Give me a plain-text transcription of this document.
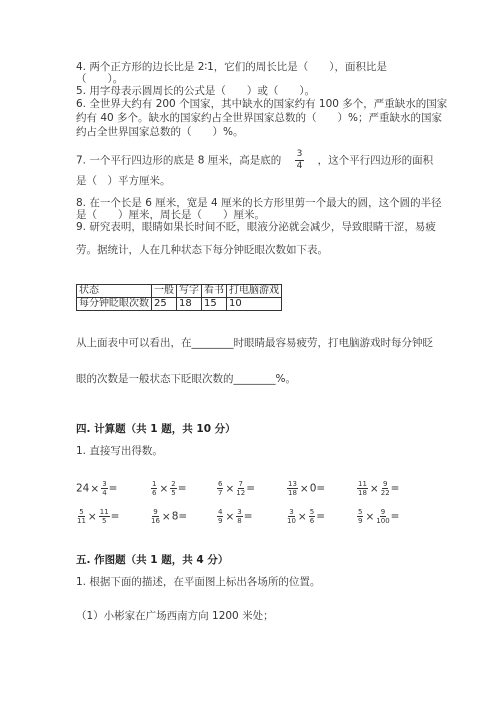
4. 两个正方形的边长比是 2∶1，它们的周长比是（　　），面积比是
（　　）。
5. 用字母表示圆周长的公式是（　　）或（　　）。
6. 全世界大约有 200 个国家，其中缺水的国家约有 100 多个，严重缺水的国家
约有 40 多个。缺水的国家约占全世界国家总数的（　　）%；严重缺水的国家
约占全世界国家总数的（　　）%。
7. 一个平行四边形的底是 8 厘米，高是底的 $\frac{3}{4}$ ，这个平行四边形的面积
是（　）平方厘米。
8. 在一个长是 6 厘米，宽是 4 厘米的长方形里剪一个最大的圆，这个圆的半径
是（　　）厘米，周长是（　　）厘米。
9. 研究表明，眼睛如果长时间不眨，眼液分泌就会减少，导致眼睛干涩，易疲
劳。据统计，人在几种状态下每分钟眨眼次数如下表。
状态	一般	写字	看书	打电脑游戏
每分钟眨眼次数	25	18	15	10
从上面表中可以看出，在________时眼睛最容易疲劳，打电脑游戏时每分钟眨
眼的次数是一般状态下眨眼次数的________%。
四. 计算题（共 1 题，共 10 分）
1. 直接写出得数。
$24\times \frac{3}{4}$ =	$\frac{1}{6} \times \frac{2}{5}$ =	$\frac{6}{7} \times \frac{7}{12}$ =	$\frac{13}{18} \times 0=$	$\frac{11}{18} \times \frac{9}{22}$ =
$\frac{5}{11} \times \frac{11}{5}$ =	$\frac{9}{16} \times 8=$	$\frac{4}{9} \times \frac{3}{8}$ =	$\frac{3}{10} \times \frac{5}{6}$ =	$\frac{5}{9} \times \frac{9}{100}$ =
五. 作图题（共 1 题，共 4 分）
1. 根据下面的描述，在平面图上标出各场所的位置。
（1）小彬家在广场西南方向 1200 米处；
